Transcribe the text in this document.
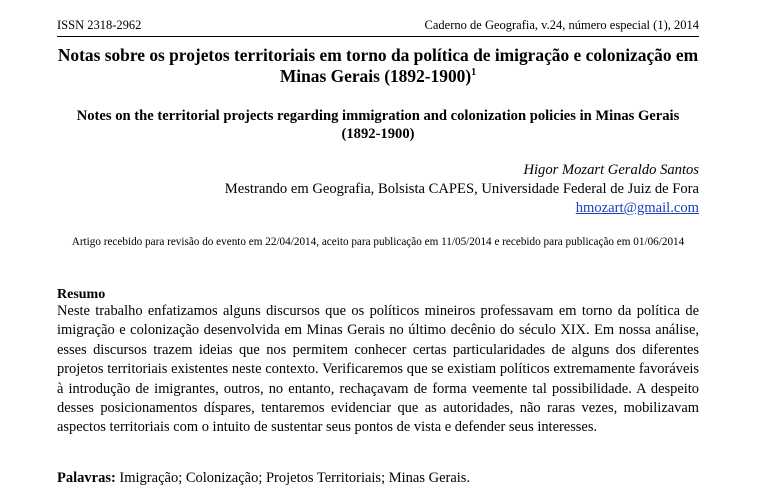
ISSN 2318-2962	Caderno de Geografia, v.24, número especial (1), 2014
Notas sobre os projetos territoriais em torno da política de imigração e colonização em Minas Gerais (1892-1900)$^1$
Notes on the territorial projects regarding immigration and colonization policies in Minas Gerais (1892-1900)
Higor Mozart Geraldo Santos
Mestrando em Geografia, Bolsista CAPES, Universidade Federal de Juiz de Fora
hmozart@gmail.com
Artigo recebido para revisão do evento em 22/04/2014, aceito para publicação em 11/05/2014 e recebido para publicação em 01/06/2014
Resumo
Neste trabalho enfatizamos alguns discursos que os políticos mineiros professavam em torno da política de imigração e colonização desenvolvida em Minas Gerais no último decênio do século XIX. Em nossa análise, esses discursos trazem ideias que nos permitem conhecer certas particularidades de alguns dos diferentes projetos territoriais existentes neste contexto. Verificaremos que se existiam políticos extremamente favoráveis à introdução de imigrantes, outros, no entanto, rechaçavam de forma veemente tal possibilidade. A despeito desses posicionamentos díspares, tentaremos evidenciar que as autoridades, não raras vezes, mobilizavam aspectos territoriais com o intuito de sustentar seus pontos de vista e defender seus interesses.
Palavras: Imigração; Colonização; Projetos Territoriais; Minas Gerais.
